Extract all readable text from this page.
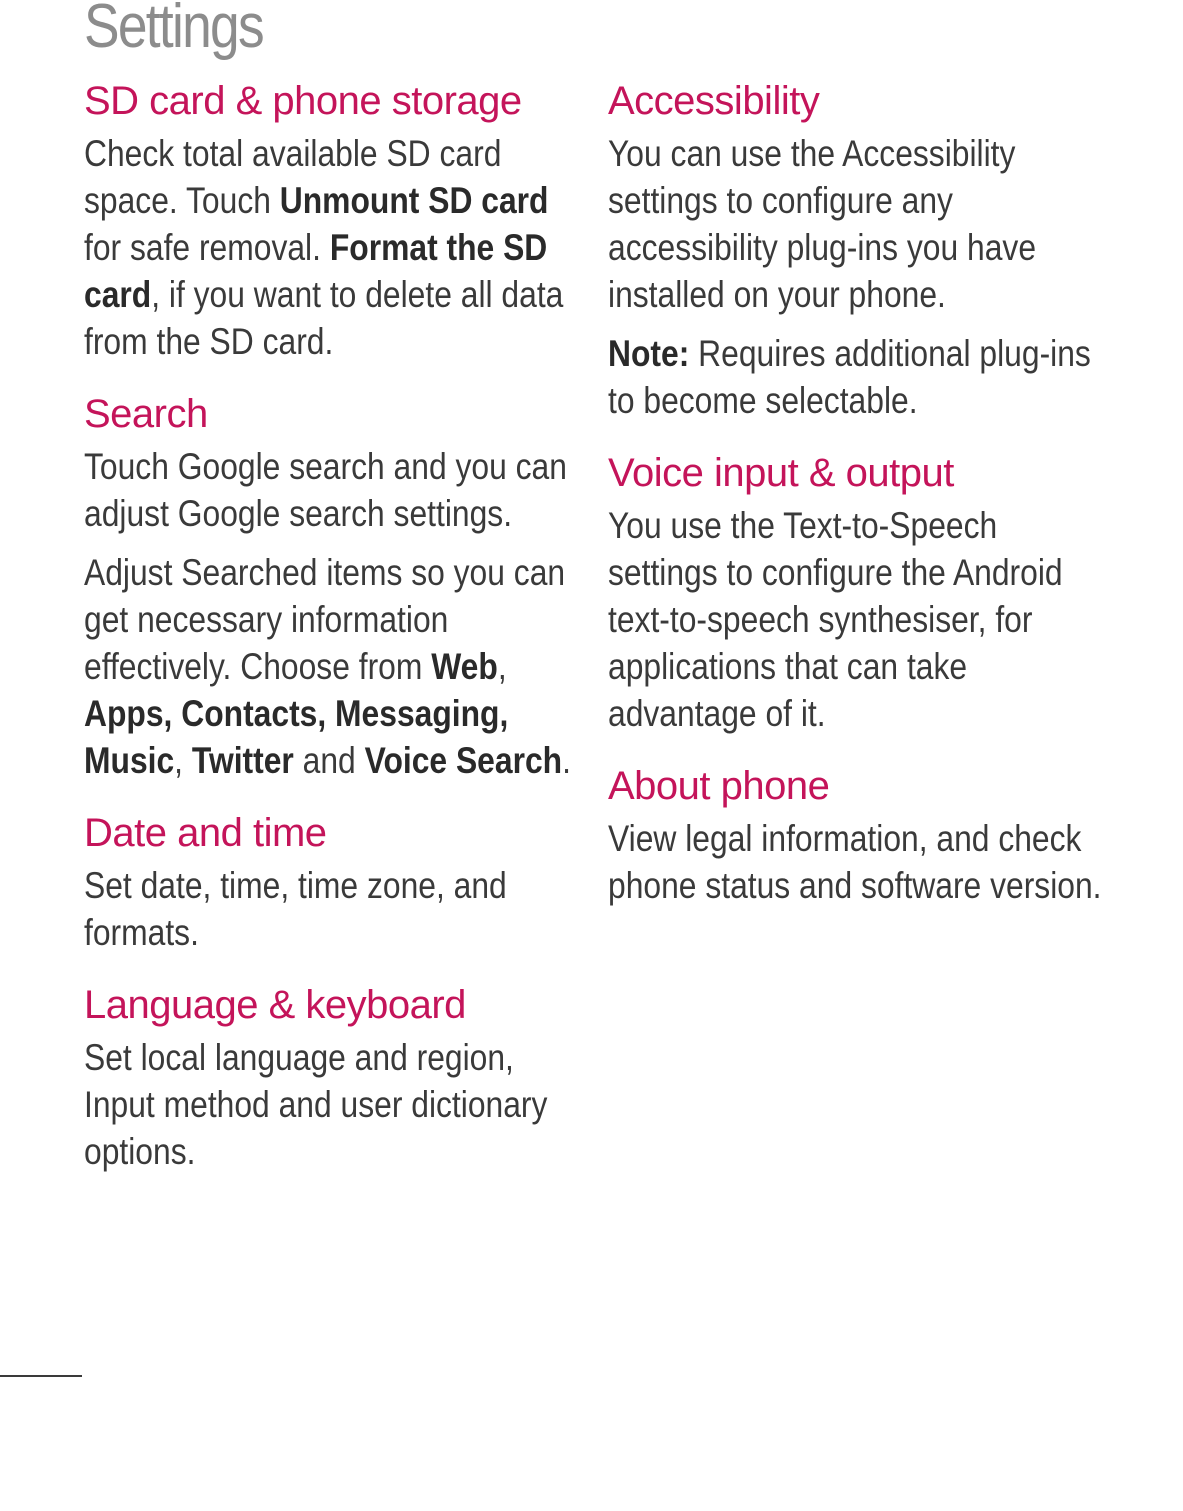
Settings
SD card & phone storage
Check total available SD card space. Touch Unmount SD card for safe removal. Format the SD card, if you want to delete all data from the SD card.
Search
Touch Google search and you can adjust Google search settings.
Adjust Searched items so you can get necessary information effectively. Choose from Web, Apps, Contacts, Messaging, Music, Twitter and Voice Search.
Date and time
Set date, time, time zone, and formats.
Language & keyboard
Set local language and region, Input method and user dictionary options.
Accessibility
You can use the Accessibility settings to configure any accessibility plug-ins you have installed on your phone.
Note: Requires additional plug-ins to become selectable.
Voice input & output
You use the Text-to-Speech settings to configure the Android text-to-speech synthesiser, for applications that can take advantage of it.
About phone
View legal information, and check phone status and software version.
